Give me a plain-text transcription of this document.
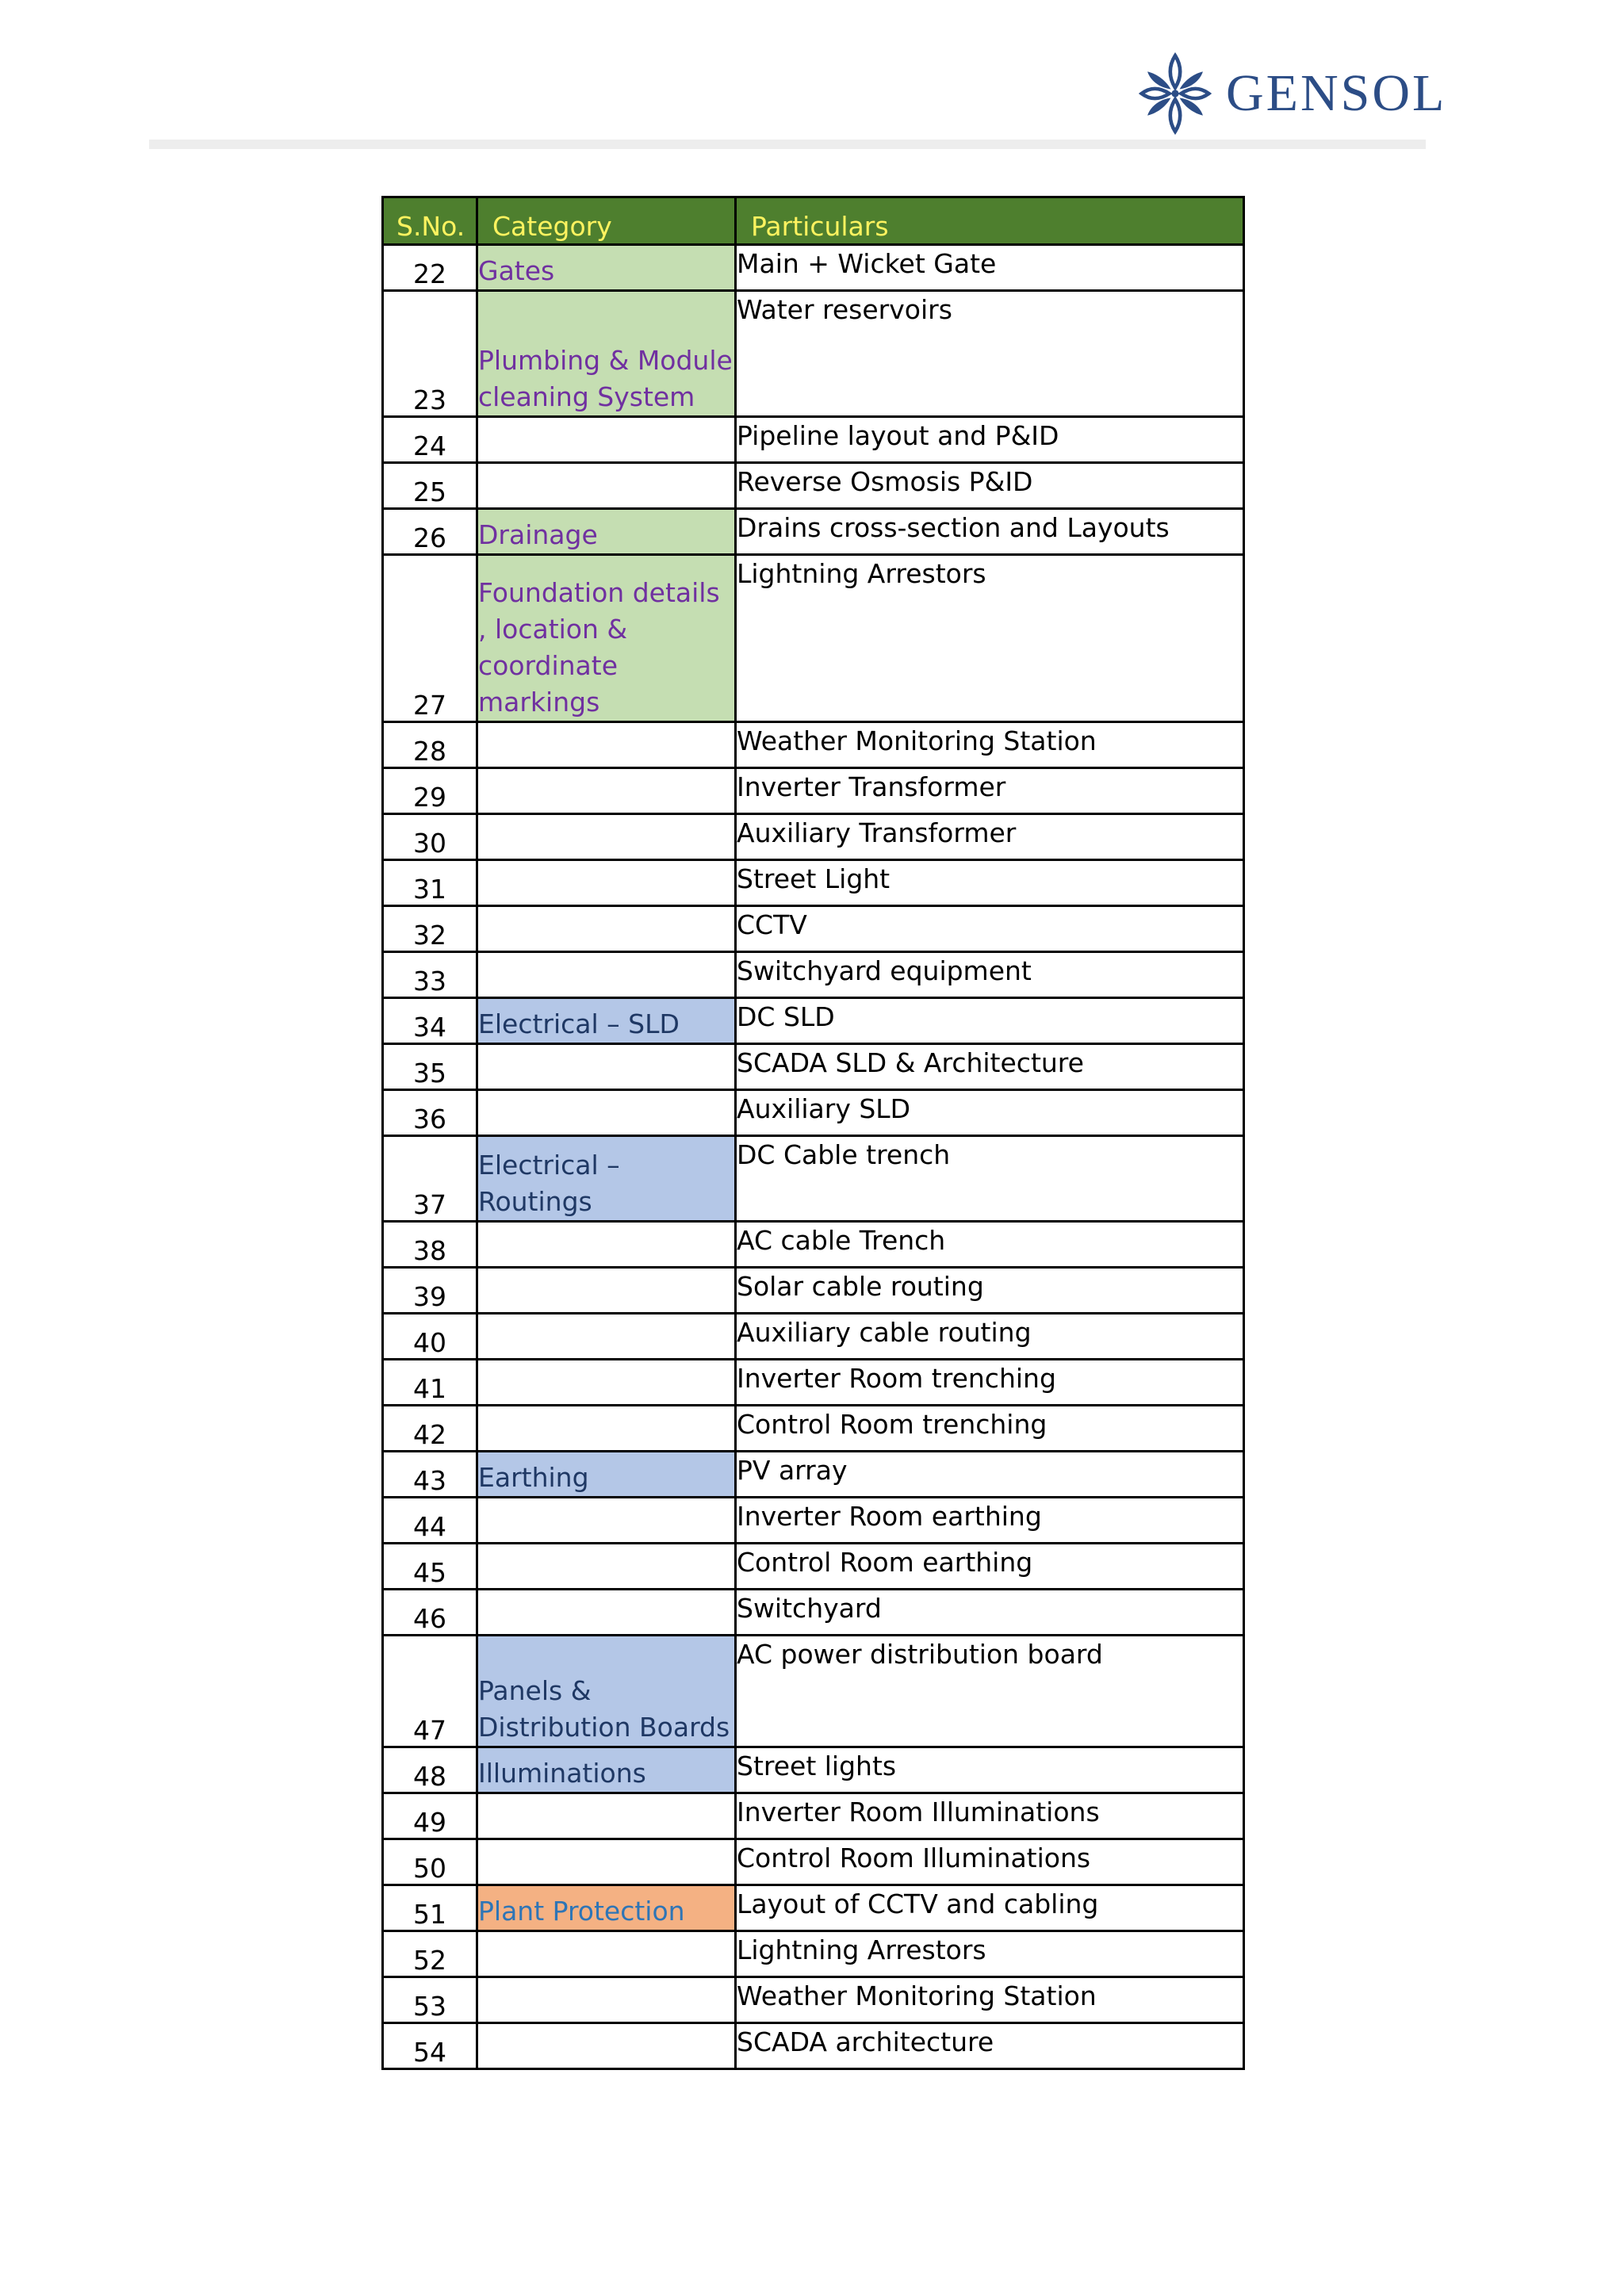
GENSOL
S.No.	Category	Particulars
22	Gates	Main + Wicket Gate
23	Plumbing & Module cleaning System	Water reservoirs
24		Pipeline layout and P&ID
25		Reverse Osmosis P&ID
26	Drainage	Drains cross-section and Layouts
27	Foundation details , location & coordinate markings	Lightning Arrestors
28		Weather Monitoring Station
29		Inverter Transformer
30		Auxiliary Transformer
31		Street Light
32		CCTV
33		Switchyard equipment
34	Electrical – SLD	DC SLD
35		SCADA SLD & Architecture
36		Auxiliary SLD
37	Electrical – Routings	DC Cable trench
38		AC cable Trench
39		Solar cable routing
40		Auxiliary cable routing
41		Inverter Room trenching
42		Control Room trenching
43	Earthing	PV array
44		Inverter Room earthing
45		Control Room earthing
46		Switchyard
47	Panels & Distribution Boards	AC power distribution board
48	Illuminations	Street lights
49		Inverter Room Illuminations
50		Control Room Illuminations
51	Plant Protection	Layout of CCTV and cabling
52		Lightning Arrestors
53		Weather Monitoring Station
54		SCADA architecture
